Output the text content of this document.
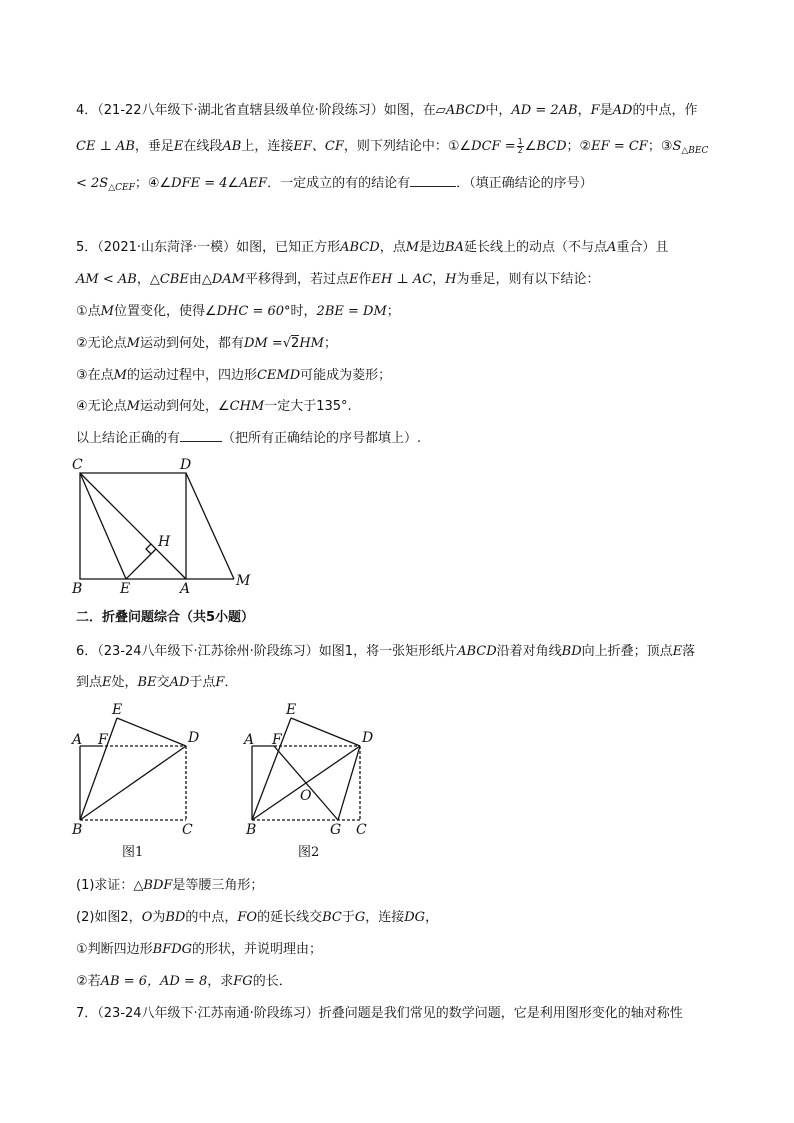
4．（21-22八年级下·湖北省直辖县级单位·阶段练习）如图，在▱ABCD中，AD = 2AB，F是AD的中点，作
CE ⊥ AB，垂足E在线段AB上，连接EF、CF，则下列结论中：①∠DCF = $\frac{1}{2}$ ∠BCD；②EF = CF；$③S_{\triangle BEC}$
< $2S_{\triangle CEF}$；④∠DFE = 4∠AEF．一定成立的有的结论有	．（填正确结论的序号）
5．（2021·山东菏泽·一模）如图，已知正方形ABCD，点M是边BA延长线上的动点（不与点A重合）且
AM < AB，△CBE由△DAM平移得到，若过点E作EH ⊥ AC，H为垂足，则有以下结论：
①点M位置变化，使得∠DHC = 60°时，2BE = DM；
②无论点M运动到何处，都有DM =√2HM；
③在点M的运动过程中，四边形CEMD可能成为菱形；
④无论点M运动到何处，∠CHM一定大于135°.
以上结论正确的有	（把所有正确结论的序号都填上）.
C	D
B	E	A	M
H
二．折叠问题综合（共5小题）
6．（23-24八年级下·江苏徐州·阶段练习）如图1，将一张矩形纸片ABCD沿着对角线BD向上折叠；顶点E落
到点E处，BE交AD于点F．
E
A F	D
B	C
图1
E
A F	D
O
B	G C
图2
(1)求证：△BDF是等腰三角形；
(2)如图2，O为BD的中点，FO的延长线交BC于G，连接DG，
①判断四边形BFDG的形状，并说明理由；
②若AB = 6，AD = 8，求FG的长．
7．（23-24八年级下·江苏南通·阶段练习）折叠问题是我们常见的数学问题，它是利用图形变化的轴对称性
